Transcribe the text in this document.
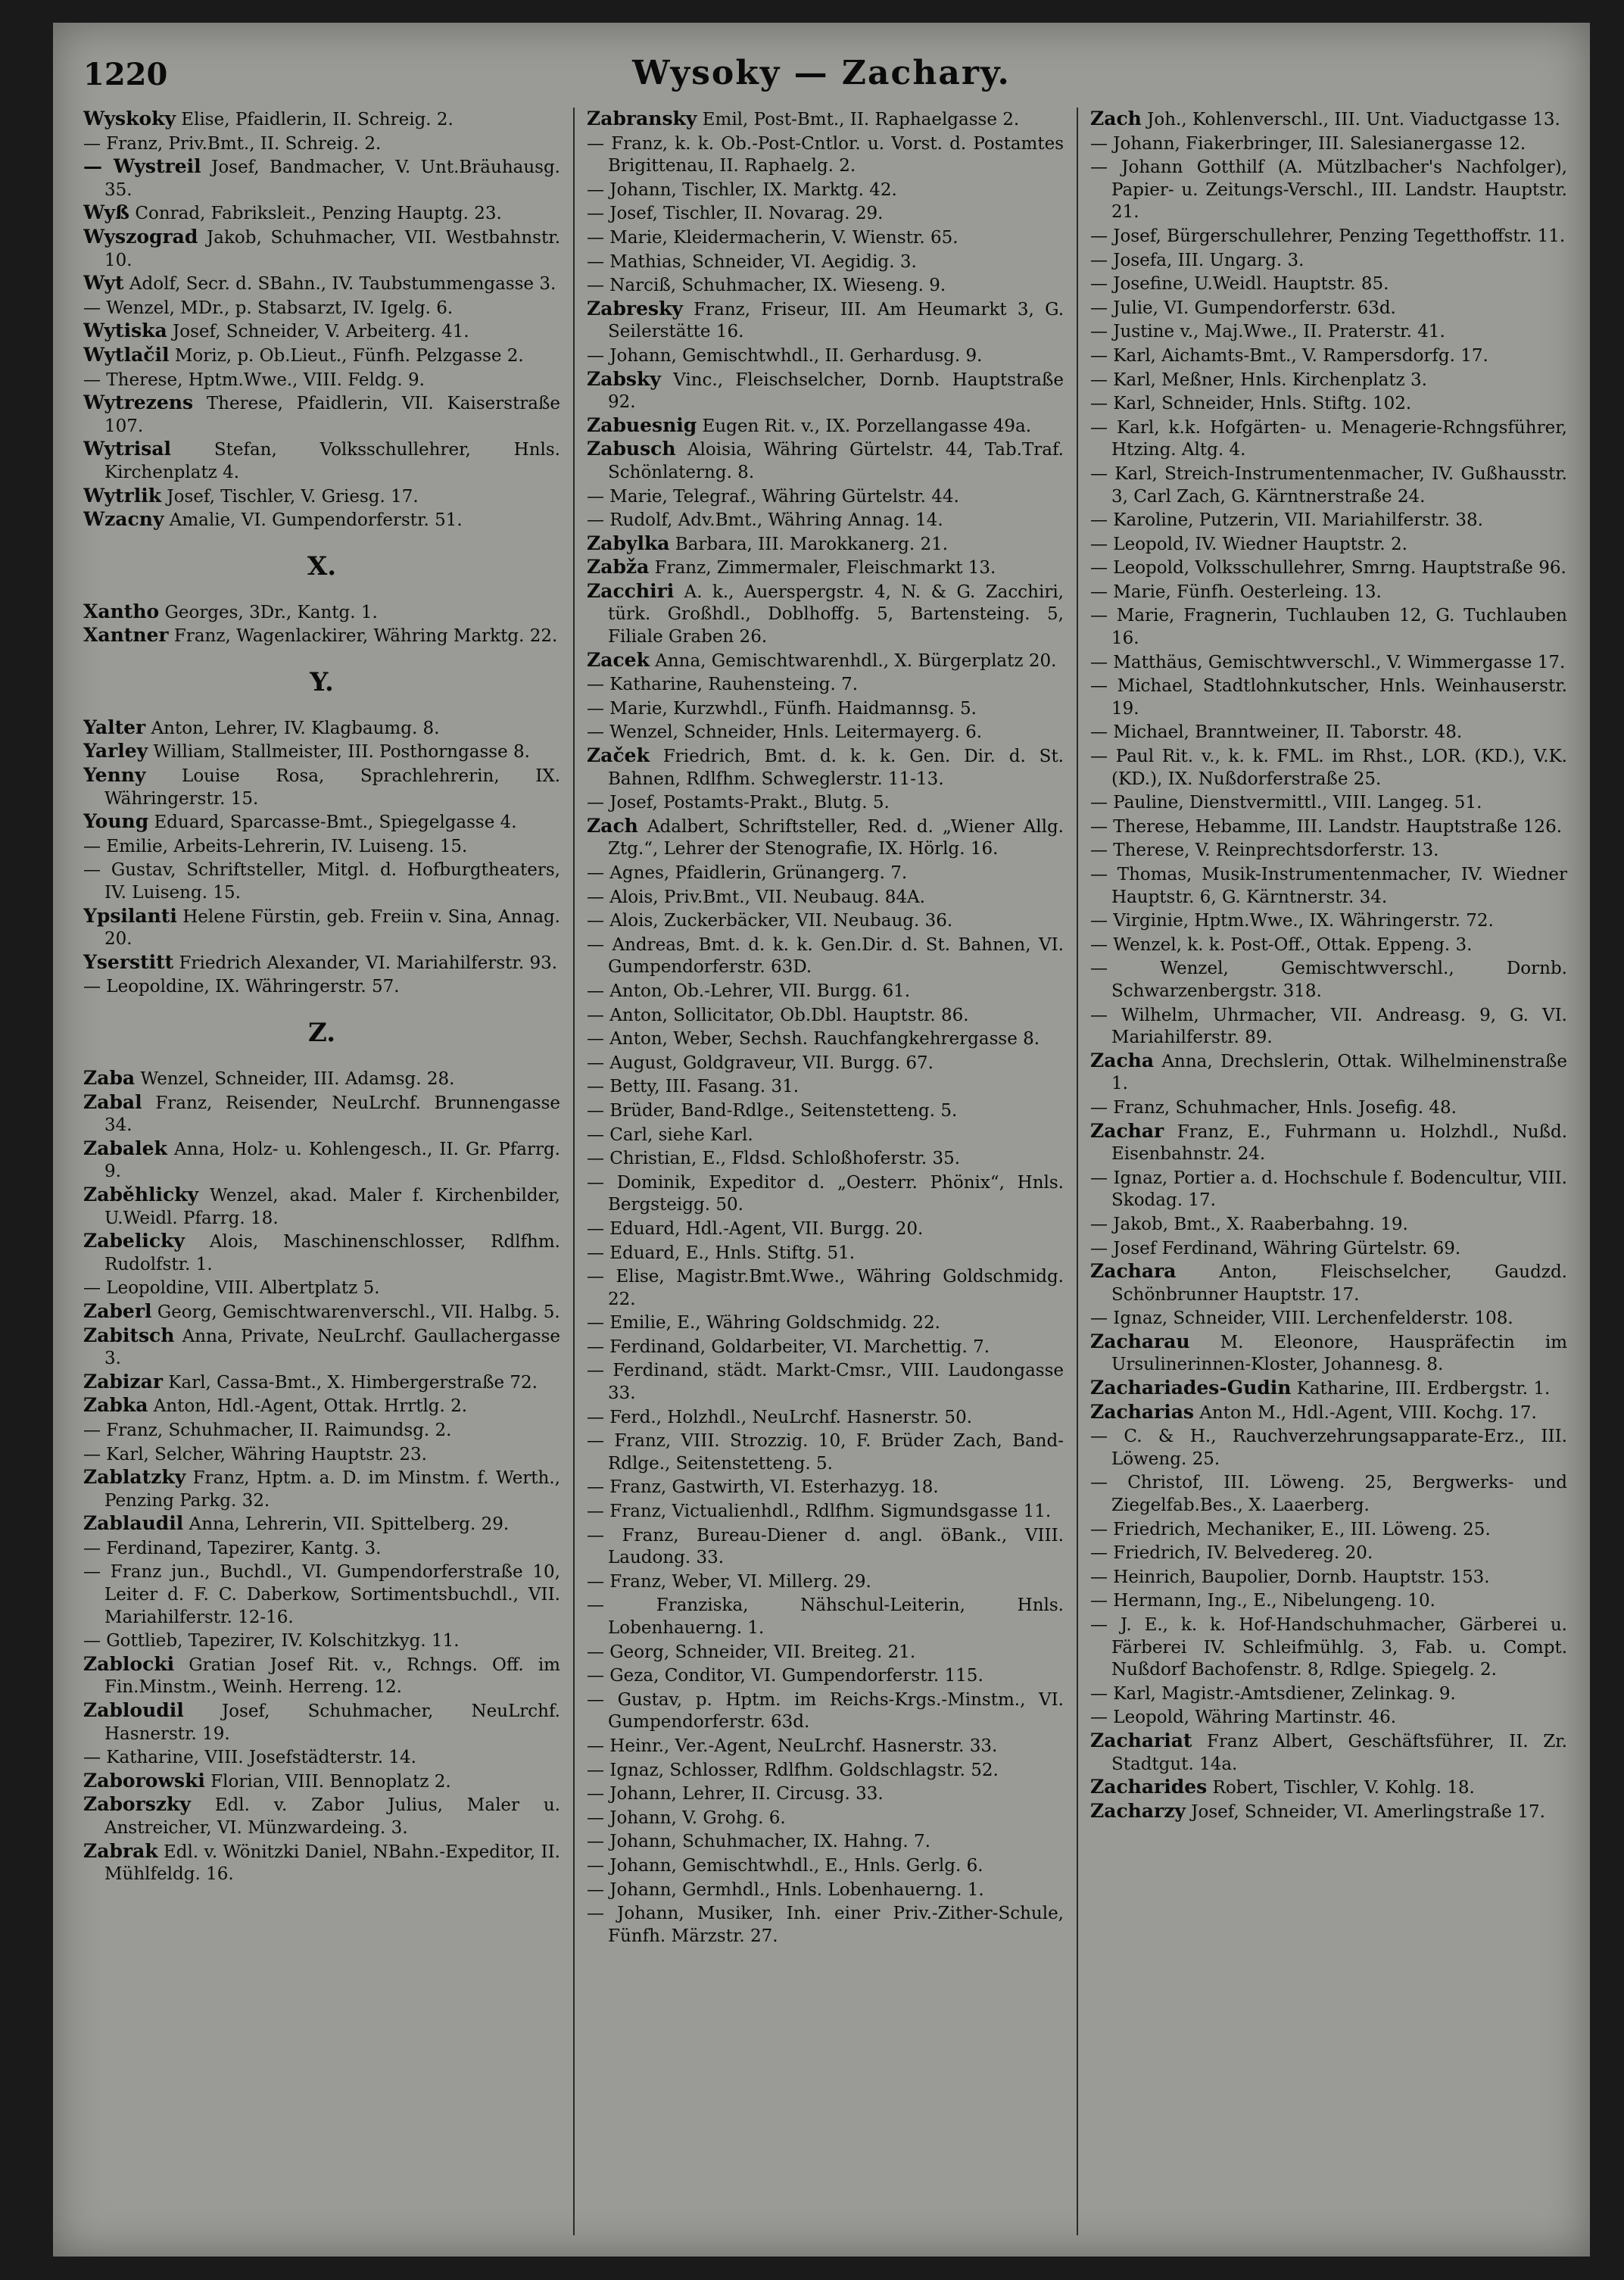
1220	Wysoky — Zachary.
Wyskoky Elise, Pfaidlerin, II. Schreig. 2.
— Franz, Priv.Bmt., II. Schreig. 2.
— Wystreil Josef, Bandmacher, V. Unt.Bräuhausg. 35.
Wyß Conrad, Fabriksleit., Penzing Hauptg. 23.
Wyszograd Jakob, Schuhmacher, VII. Westbahnstr. 10.
Wyt Adolf, Secr. d. SBahn., IV. Taubstummengasse 3.
— Wenzel, MDr., p. Stabsarzt, IV. Igelg. 6.
Wytiska Josef, Schneider, V. Arbeiterg. 41.
Wytlačil Moriz, p. Ob.Lieut., Fünfh. Pelzgasse 2.
— Therese, Hptm.Wwe., VIII. Feldg. 9.
Wytrezens Therese, Pfaidlerin, VII. Kaiserstraße 107.
Wytrisal Stefan, Volksschullehrer, Hnls. Kirchenplatz 4.
Wytrlik Josef, Tischler, V. Griesg. 17.
Wzacny Amalie, VI. Gumpendorferstr. 51.
X.
Xantho Georges, 3Dr., Kantg. 1.
Xantner Franz, Wagenlackirer, Währing Marktg. 22.
Y.
Yalter Anton, Lehrer, IV. Klagbaumg. 8.
Yarley William, Stallmeister, III. Posthorngasse 8.
Yenny Louise Rosa, Sprachlehrerin, IX. Währingerstr. 15.
Young Eduard, Sparcasse-Bmt., Spiegelgasse 4.
— Emilie, Arbeits-Lehrerin, IV. Luiseng. 15.
— Gustav, Schriftsteller, Mitgl. d. Hofburgtheaters, IV. Luiseng. 15.
Ypsilanti Helene Fürstin, geb. Freiin v. Sina, Annag. 20.
Yserstitt Friedrich Alexander, VI. Mariahilferstr. 93.
— Leopoldine, IX. Währingerstr. 57.
Z.
Zaba Wenzel, Schneider, III. Adamsg. 28.
Zabal Franz, Reisender, NeuLrchf. Brunnengasse 34.
Zabalek Anna, Holz- u. Kohlengesch., II. Gr. Pfarrg. 9.
Zaběhlicky Wenzel, akad. Maler f. Kirchenbilder, U.Weidl. Pfarrg. 18.
Zabelicky Alois, Maschinenschlosser, Rdlfhm. Rudolfstr. 1.
— Leopoldine, VIII. Albertplatz 5.
Zaberl Georg, Gemischtwarenverschl., VII. Halbg. 5.
Zabitsch Anna, Private, NeuLrchf. Gaullachergasse 3.
Zabizar Karl, Cassa-Bmt., X. Himbergerstraße 72.
Zabka Anton, Hdl.-Agent, Ottak. Hrrtlg. 2.
— Franz, Schuhmacher, II. Raimundsg. 2.
— Karl, Selcher, Währing Hauptstr. 23.
Zablatzky Franz, Hptm. a. D. im Minstm. f. Werth., Penzing Parkg. 32.
Zablaudil Anna, Lehrerin, VII. Spittelberg. 29.
— Ferdinand, Tapezirer, Kantg. 3.
— Franz jun., Buchdl., VI. Gumpendorferstraße 10, Leiter d. F. C. Daberkow, Sortimentsbuchdl., VII. Mariahilferstr. 12-16.
— Gottlieb, Tapezirer, IV. Kolschitzkyg. 11.
Zablocki Gratian Josef Rit. v., Rchngs. Off. im Fin.Minstm., Weinh. Herreng. 12.
Zabloudil Josef, Schuhmacher, NeuLrchf. Hasnerstr. 19.
— Katharine, VIII. Josefstädterstr. 14.
Zaborowski Florian, VIII. Bennoplatz 2.
Zaborszky Edl. v. Zabor Julius, Maler u. Anstreicher, VI. Münzwardeing. 3.
Zabrak Edl. v. Wönitzki Daniel, NBahn.-Expeditor, II. Mühlfeldg. 16.
Zabransky Emil, Post-Bmt., II. Raphaelgasse 2.
— Franz, k. k. Ob.-Post-Cntlor. u. Vorst. d. Postamtes Brigittenau, II. Raphaelg. 2.
— Johann, Tischler, IX. Marktg. 42.
— Josef, Tischler, II. Novarag. 29.
— Marie, Kleidermacherin, V. Wienstr. 65.
— Mathias, Schneider, VI. Aegidig. 3.
— Narciß, Schuhmacher, IX. Wieseng. 9.
Zabresky Franz, Friseur, III. Am Heumarkt 3, G. Seilerstätte 16.
— Johann, Gemischtwhdl., II. Gerhardusg. 9.
Zabsky Vinc., Fleischselcher, Dornb. Hauptstraße 92.
Zabuesnig Eugen Rit. v., IX. Porzellangasse 49a.
Zabusch Aloisia, Währing Gürtelstr. 44, Tab.Traf. Schönlaterng. 8.
— Marie, Telegraf., Währing Gürtelstr. 44.
— Rudolf, Adv.Bmt., Währing Annag. 14.
Zabylka Barbara, III. Marokkanerg. 21.
Zabža Franz, Zimmermaler, Fleischmarkt 13.
Zacchiri A. k., Auerspergstr. 4, N. & G. Zacchiri, türk. Großhdl., Doblhoffg. 5, Bartensteing. 5, Filiale Graben 26.
Zacek Anna, Gemischtwarenhdl., X. Bürgerplatz 20.
— Katharine, Rauhensteing. 7.
— Marie, Kurzwhdl., Fünfh. Haidmannsg. 5.
— Wenzel, Schneider, Hnls. Leitermayerg. 6.
Začek Friedrich, Bmt. d. k. k. Gen. Dir. d. St. Bahnen, Rdlfhm. Schweglerstr. 11-13.
— Josef, Postamts-Prakt., Blutg. 5.
Zach Adalbert, Schriftsteller, Red. d. „Wiener Allg. Ztg.“, Lehrer der Stenografie, IX. Hörlg. 16.
— Agnes, Pfaidlerin, Grünangerg. 7.
— Alois, Priv.Bmt., VII. Neubaug. 84A.
— Alois, Zuckerbäcker, VII. Neubaug. 36.
— Andreas, Bmt. d. k. k. Gen.Dir. d. St. Bahnen, VI. Gumpendorferstr. 63D.
— Anton, Ob.-Lehrer, VII. Burgg. 61.
— Anton, Sollicitator, Ob.Dbl. Hauptstr. 86.
— Anton, Weber, Sechsh. Rauchfangkehrergasse 8.
— August, Goldgraveur, VII. Burgg. 67.
— Betty, III. Fasang. 31.
— Brüder, Band-Rdlge., Seitenstetteng. 5.
— Carl, siehe Karl.
— Christian, E., Fldsd. Schloßhoferstr. 35.
— Dominik, Expeditor d. „Oesterr. Phönix“, Hnls. Bergsteigg. 50.
— Eduard, Hdl.-Agent, VII. Burgg. 20.
— Eduard, E., Hnls. Stiftg. 51.
— Elise, Magistr.Bmt.Wwe., Währing Goldschmidg. 22.
— Emilie, E., Währing Goldschmidg. 22.
— Ferdinand, Goldarbeiter, VI. Marchettig. 7.
— Ferdinand, städt. Markt-Cmsr., VIII. Laudongasse 33.
— Ferd., Holzhdl., NeuLrchf. Hasnerstr. 50.
— Franz, VIII. Strozzig. 10, F. Brüder Zach, Band-Rdlge., Seitenstetteng. 5.
— Franz, Gastwirth, VI. Esterhazyg. 18.
— Franz, Victualienhdl., Rdlfhm. Sigmundsgasse 11.
— Franz, Bureau-Diener d. angl. öBank., VIII. Laudong. 33.
— Franz, Weber, VI. Millerg. 29.
— Franziska, Nähschul-Leiterin, Hnls. Lobenhauerng. 1.
— Georg, Schneider, VII. Breiteg. 21.
— Geza, Conditor, VI. Gumpendorferstr. 115.
— Gustav, p. Hptm. im Reichs-Krgs.-Minstm., VI. Gumpendorferstr. 63d.
— Heinr., Ver.-Agent, NeuLrchf. Hasnerstr. 33.
— Ignaz, Schlosser, Rdlfhm. Goldschlagstr. 52.
— Johann, Lehrer, II. Circusg. 33.
— Johann, V. Grohg. 6.
— Johann, Schuhmacher, IX. Hahng. 7.
— Johann, Gemischtwhdl., E., Hnls. Gerlg. 6.
— Johann, Germhdl., Hnls. Lobenhauerng. 1.
— Johann, Musiker, Inh. einer Priv.-Zither-Schule, Fünfh. Märzstr. 27.
Zach Joh., Kohlenverschl., III. Unt. Viaductgasse 13.
— Johann, Fiakerbringer, III. Salesianergasse 12.
— Johann Gotthilf (A. Mützlbacher's Nachfolger), Papier- u. Zeitungs-Verschl., III. Landstr. Hauptstr. 21.
— Josef, Bürgerschullehrer, Penzing Tegetthoffstr. 11.
— Josefa, III. Ungarg. 3.
— Josefine, U.Weidl. Hauptstr. 85.
— Julie, VI. Gumpendorferstr. 63d.
— Justine v., Maj.Wwe., II. Praterstr. 41.
— Karl, Aichamts-Bmt., V. Rampersdorfg. 17.
— Karl, Meßner, Hnls. Kirchenplatz 3.
— Karl, Schneider, Hnls. Stiftg. 102.
— Karl, k.k. Hofgärten- u. Menagerie-Rchngsführer, Htzing. Altg. 4.
— Karl, Streich-Instrumentenmacher, IV. Gußhausstr. 3, Carl Zach, G. Kärntnerstraße 24.
— Karoline, Putzerin, VII. Mariahilferstr. 38.
— Leopold, IV. Wiedner Hauptstr. 2.
— Leopold, Volksschullehrer, Smrng. Hauptstraße 96.
— Marie, Fünfh. Oesterleing. 13.
— Marie, Fragnerin, Tuchlauben 12, G. Tuchlauben 16.
— Matthäus, Gemischtwverschl., V. Wimmergasse 17.
— Michael, Stadtlohnkutscher, Hnls. Weinhauserstr. 19.
— Michael, Branntweiner, II. Taborstr. 48.
— Paul Rit. v., k. k. FML. im Rhst., LOR. (KD.), V.K. (KD.), IX. Nußdorferstraße 25.
— Pauline, Dienstvermittl., VIII. Langeg. 51.
— Therese, Hebamme, III. Landstr. Hauptstraße 126.
— Therese, V. Reinprechtsdorferstr. 13.
— Thomas, Musik-Instrumentenmacher, IV. Wiedner Hauptstr. 6, G. Kärntnerstr. 34.
— Virginie, Hptm.Wwe., IX. Währingerstr. 72.
— Wenzel, k. k. Post-Off., Ottak. Eppeng. 3.
— Wenzel, Gemischtwverschl., Dornb. Schwarzenbergstr. 318.
— Wilhelm, Uhrmacher, VII. Andreasg. 9, G. VI. Mariahilferstr. 89.
Zacha Anna, Drechslerin, Ottak. Wilhelminenstraße 1.
— Franz, Schuhmacher, Hnls. Josefig. 48.
Zachar Franz, E., Fuhrmann u. Holzhdl., Nußd. Eisenbahnstr. 24.
— Ignaz, Portier a. d. Hochschule f. Bodencultur, VIII. Skodag. 17.
— Jakob, Bmt., X. Raaberbahng. 19.
— Josef Ferdinand, Währing Gürtelstr. 69.
Zachara Anton, Fleischselcher, Gaudzd. Schönbrunner Hauptstr. 17.
— Ignaz, Schneider, VIII. Lerchenfelderstr. 108.
Zacharau M. Eleonore, Hauspräfectin im Ursulinerinnen-Kloster, Johannesg. 8.
Zachariades-Gudin Katharine, III. Erdbergstr. 1.
Zacharias Anton M., Hdl.-Agent, VIII. Kochg. 17.
— C. & H., Rauchverzehrungsapparate-Erz., III. Löweng. 25.
— Christof, III. Löweng. 25, Bergwerks- und Ziegelfab.Bes., X. Laaerberg.
— Friedrich, Mechaniker, E., III. Löweng. 25.
— Friedrich, IV. Belvedereg. 20.
— Heinrich, Baupolier, Dornb. Hauptstr. 153.
— Hermann, Ing., E., Nibelungeng. 10.
— J. E., k. k. Hof-Handschuhmacher, Gärberei u. Färberei IV. Schleifmühlg. 3, Fab. u. Compt. Nußdorf Bachofenstr. 8, Rdlge. Spiegelg. 2.
— Karl, Magistr.-Amtsdiener, Zelinkag. 9.
— Leopold, Währing Martinstr. 46.
Zachariat Franz Albert, Geschäftsführer, II. Zr. Stadtgut. 14a.
Zacharides Robert, Tischler, V. Kohlg. 18.
Zacharzy Josef, Schneider, VI. Amerlingstraße 17.
